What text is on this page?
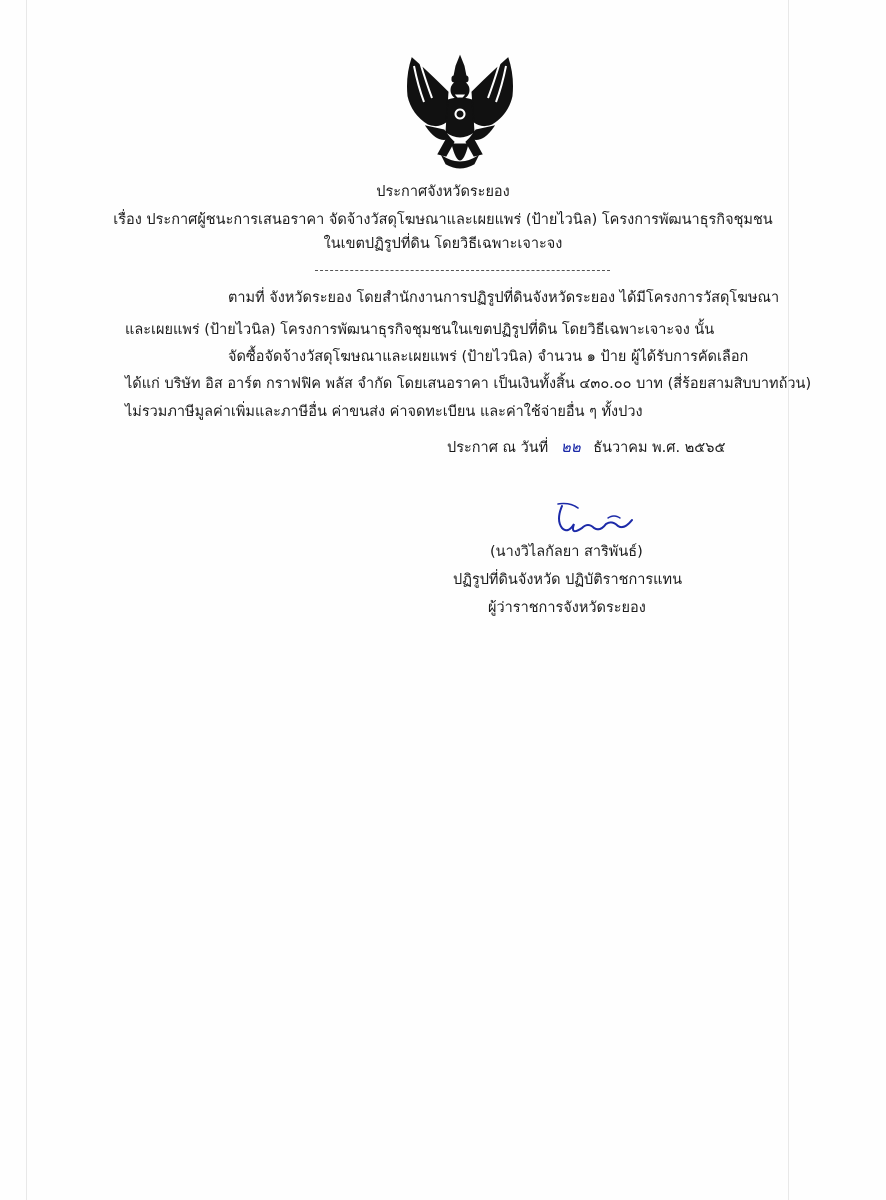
ประกาศจังหวัดระยอง
เรื่อง ประกาศผู้ชนะการเสนอราคา จัดจ้างวัสดุโฆษณาและเผยแพร่ (ป้ายไวนิล) โครงการพัฒนาธุรกิจชุมชน
ในเขตปฏิรูปที่ดิน โดยวิธีเฉพาะเจาะจง
ตามที่ จังหวัดระยอง โดยสำนักงานการปฏิรูปที่ดินจังหวัดระยอง ได้มีโครงการวัสดุโฆษณา
และเผยแพร่ (ป้ายไวนิล) โครงการพัฒนาธุรกิจชุมชนในเขตปฏิรูปที่ดิน โดยวิธีเฉพาะเจาะจง นั้น
จัดซื้อจัดจ้างวัสดุโฆษณาและเผยแพร่ (ป้ายไวนิล) จำนวน ๑ ป้าย ผู้ได้รับการคัดเลือก
ได้แก่ บริษัท อิส อาร์ต กราฟฟิค พลัส จำกัด โดยเสนอราคา เป็นเงินทั้งสิ้น ๔๓๐.๐๐ บาท (สี่ร้อยสามสิบบาทถ้วน)
ไม่รวมภาษีมูลค่าเพิ่มและภาษีอื่น ค่าขนส่ง ค่าจดทะเบียน และค่าใช้จ่ายอื่น ๆ ทั้งปวง
ประกาศ ณ วันที่ ๒๒ ธันวาคม พ.ศ. ๒๕๖๕
(นางวิไลกัลยา สาริพันธ์)
ปฏิรูปที่ดินจังหวัด ปฏิบัติราชการแทน
ผู้ว่าราชการจังหวัดระยอง
